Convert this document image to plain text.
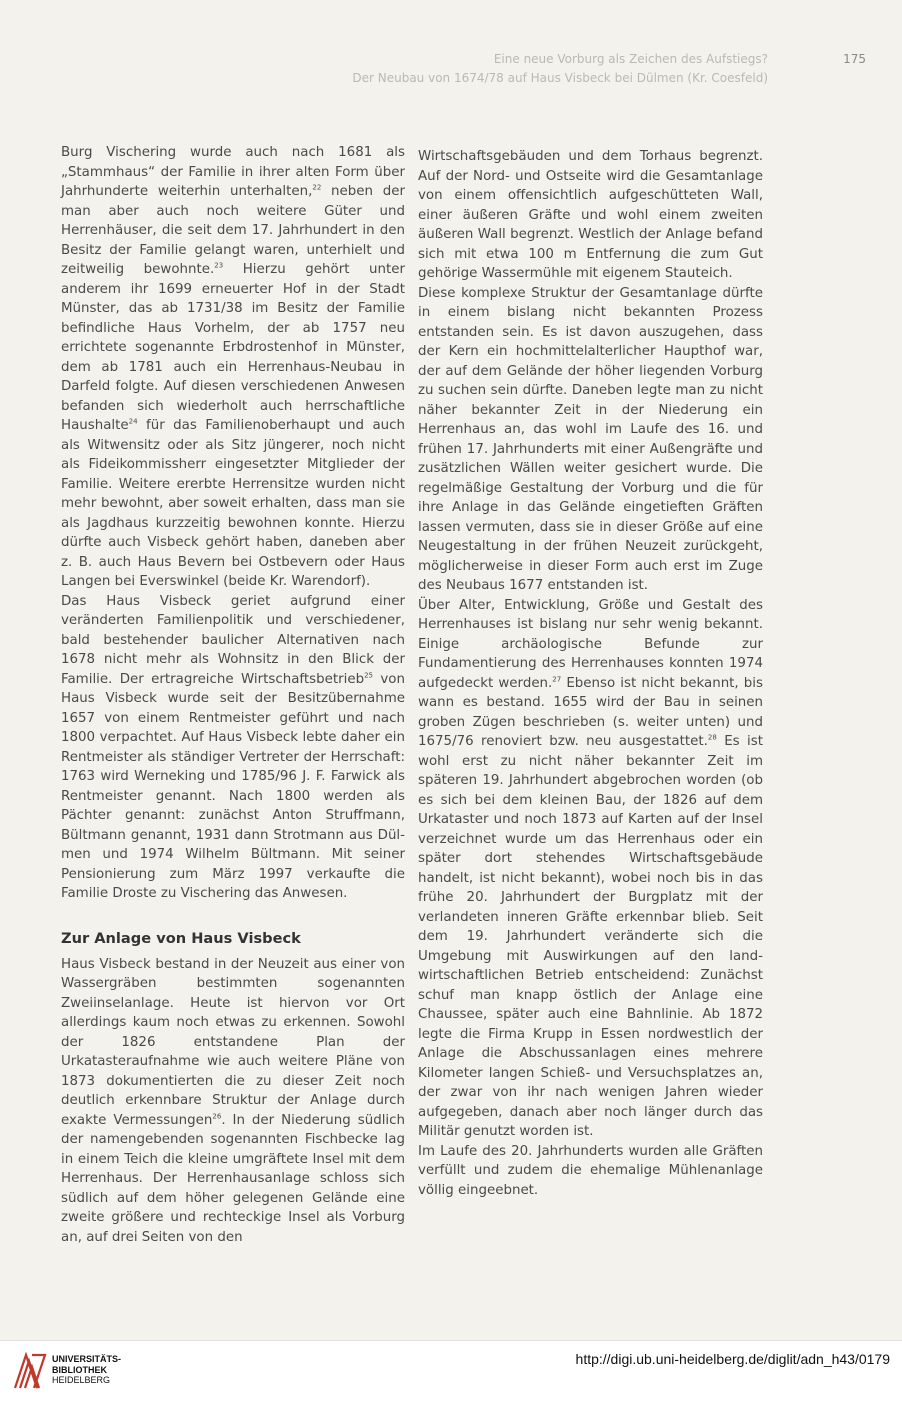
Eine neue Vorburg als Zeichen des Aufstiegs?
Der Neubau von 1674/78 auf Haus Visbeck bei Dülmen (Kr. Coesfeld)
175

Burg Vischering wurde auch nach 1681 als „Stammhaus“ der Familie in ihrer alten Form über Jahrhunderte weiterhin unterhalten,$^{22}$ neben der man aber auch noch weitere Güter und Herrenhäuser, die seit dem 17. Jahrhundert in den Besitz der Familie gelangt waren, unterhielt und zeitweilig bewohnte.$^{23}$ Hierzu gehört unter anderem ihr 1699 erneuerter Hof in der Stadt Münster, das ab 1731/38 im Besitz der Familie befindliche Haus Vorhelm, der ab 1757 neu errichtete sogenannte Erbdrostenhof in Münster, dem ab 1781 auch ein Herrenhaus-Neubau in Darfeld folgte. Auf diesen verschiedenen Anwesen befanden sich wiederholt auch herrschaftliche Haushalte$^{24}$ für das Familienoberhaupt und auch als Witwensitz oder als Sitz jüngerer, noch nicht als Fideikommissherr eingesetzter Mitglieder der Familie. Weitere ererbte Herrensitze wurden nicht mehr bewohnt, aber soweit erhalten, dass man sie als Jagdhaus kurzzeitig bewohnen konnte. Hierzu dürfte auch Visbeck gehört haben, daneben aber z. B. auch Haus Bevern bei Ostbevern oder Haus Langen bei Everswinkel (beide Kr. Warendorf).

Das Haus Visbeck geriet aufgrund einer veränderten Familienpolitik und verschiedener, bald bestehender baulicher Alternativen nach 1678 nicht mehr als Wohnsitz in den Blick der Familie. Der ertragreiche Wirtschaftsbetrieb$^{25}$ von Haus Visbeck wurde seit der Besitzübernahme 1657 von einem Rentmeister geführt und nach 1800 verpachtet. Auf Haus Visbeck lebte daher ein Rentmeister als ständiger Vertreter der Herrschaft: 1763 wird Werneking und 1785/96 J. F. Farwick als Rentmeister genannt. Nach 1800 werden als Pächter genannt: zunächst Anton Struffmann, Bültmann genannt, 1931 dann Strotmann aus Dülmen und 1974 Wilhelm Bültmann. Mit seiner Pensionierung zum März 1997 verkaufte die Familie Droste zu Vischering das Anwesen.

Zur Anlage von Haus Visbeck

Haus Visbeck bestand in der Neuzeit aus einer von Wassergräben bestimmten sogenannten Zweiinselanlage. Heute ist hiervon vor Ort allerdings kaum noch etwas zu erkennen. Sowohl der 1826 entstandene Plan der Urkatasteraufnahme wie auch weitere Pläne von 1873 dokumentierten die zu dieser Zeit noch deutlich erkennbare Struktur der Anlage durch exakte Vermessungen$^{26}$. In der Niederung südlich der namengebenden sogenannten Fischbecke lag in einem Teich die kleine umgräftete Insel mit dem Herrenhaus. Der Herrenhausanlage schloss sich südlich auf dem höher gelegenen Gelände eine zweite größere und rechteckige Insel als Vorburg an, auf drei Seiten von den

Wirtschaftsgebäuden und dem Torhaus begrenzt. Auf der Nord- und Ostseite wird die Gesamtanlage von einem offensichtlich aufgeschütteten Wall, einer äußeren Gräfte und wohl einem zweiten äußeren Wall begrenzt. Westlich der Anlage befand sich mit etwa 100 m Entfernung die zum Gut gehörige Wassermühle mit eigenem Stauteich.

Diese komplexe Struktur der Gesamtanlage dürfte in einem bislang nicht bekannten Prozess entstanden sein. Es ist davon auszugehen, dass der Kern ein hochmittelalterlicher Haupthof war, der auf dem Gelände der höher liegenden Vorburg zu suchen sein dürfte. Daneben legte man zu nicht näher bekannter Zeit in der Niederung ein Herrenhaus an, das wohl im Laufe des 16. und frühen 17. Jahrhunderts mit einer Außengräfte und zusätzlichen Wällen weiter gesichert wurde. Die regelmäßige Gestaltung der Vorburg und die für ihre Anlage in das Gelände eingetieften Gräften lassen vermuten, dass sie in dieser Größe auf eine Neugestaltung in der frühen Neuzeit zurückgeht, möglicherweise in dieser Form auch erst im Zuge des Neubaus 1677 entstanden ist.

Über Alter, Entwicklung, Größe und Gestalt des Herrenhauses ist bislang nur sehr wenig bekannt. Einige archäologische Befunde zur Fundamentierung des Herrenhauses konnten 1974 aufgedeckt werden.$^{27}$ Ebenso ist nicht bekannt, bis wann es bestand. 1655 wird der Bau in seinen groben Zügen beschrieben (s. weiter unten) und 1675/76 renoviert bzw. neu ausgestattet.$^{28}$ Es ist wohl erst zu nicht näher bekannter Zeit im späteren 19. Jahrhundert abgebrochen worden (ob es sich bei dem kleinen Bau, der 1826 auf dem Urkataster und noch 1873 auf Karten auf der Insel verzeichnet wurde um das Herrenhaus oder ein später dort stehendes Wirtschaftsgebäude handelt, ist nicht bekannt), wobei noch bis in das frühe 20. Jahrhundert der Burgplatz mit der verlandeten inneren Gräfte erkennbar blieb. Seit dem 19. Jahrhundert veränderte sich die Umgebung mit Auswirkungen auf den landwirtschaftlichen Betrieb entscheidend: Zunächst schuf man knapp östlich der Anlage eine Chaussee, später auch eine Bahnlinie. Ab 1872 legte die Firma Krupp in Essen nordwestlich der Anlage die Abschussanlagen eines mehrere Kilometer langen Schieß- und Versuchsplatzes an, der zwar von ihr nach wenigen Jahren wieder aufgegeben, danach aber noch länger durch das Militär genutzt worden ist.

Im Laufe des 20. Jahrhunderts wurden alle Gräften verfüllt und zudem die ehemalige Mühlenanlage völlig eingeebnet.

UNIVERSITÄTS-
BIBLIOTHEK
HEIDELBERG
http://digi.ub.uni-heidelberg.de/diglit/adn_h43/0179
